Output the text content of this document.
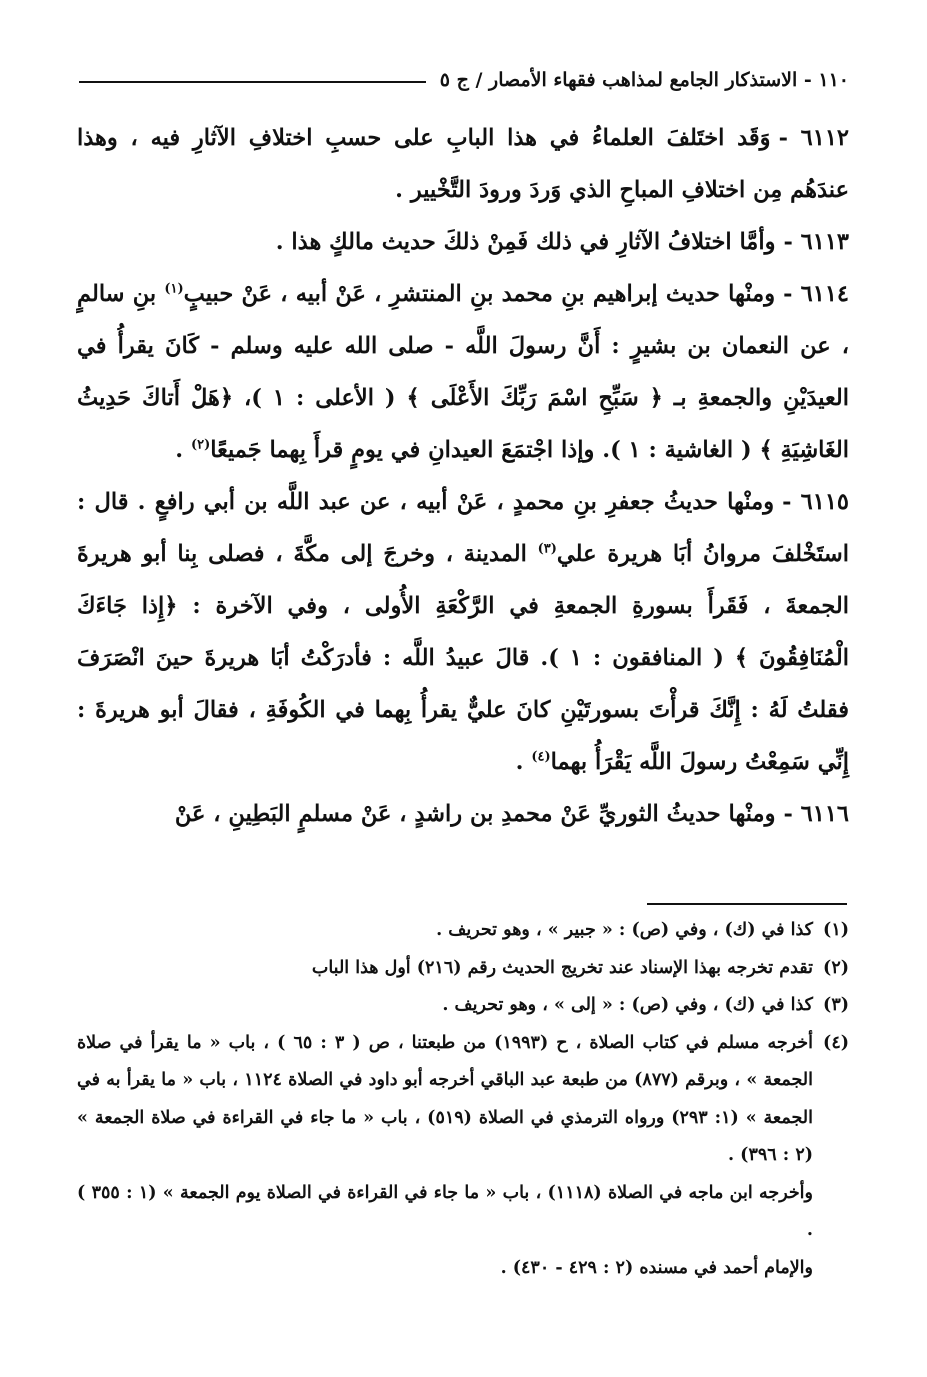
١١٠ - الاستذكار الجامع لمذاهب فقهاء الأمصار / ج ٥

٦١١٢ -وَقَد اختَلفَ العلماءُ في هذا البابِ على حسبِ اختلافِ الآثارِ فيه ، وهذا عندَهُم مِن اختلافِ المباحِ الذي وَردَ ورودَ التَّخْيير .

٦١١٣ -وأمَّا اختلافُ الآثارِ في ذلك فَمِنْ ذلكَ حديث مالكٍ هذا .

٦١١٤ -ومنْها حديث إبراهيم بنِ محمد بنِ المنتشرِ ، عَنْ أبيه ، عَنْ حبيبٍ$^{(١)}$ بنِ سالمٍ ، عن النعمان بن بشيرٍ : أَنَّ رسولَ اللَّه - صلى الله عليه وسلم - كَانَ يقرأُ في العيدَيْنِ والجمعةِ بـ ﴿ سَبِّحِ اسْمَ رَبِّكَ الأَعْلَى ﴾ ( الأعلى : ١ )، ﴿هَلْ أَتاكَ حَدِيثُ الغَاشِيَةِ ﴾ ( الغاشية : ١ ). وإذا اجْتمَعَ العيدانِ في يومٍ قرأَ بِهما جَميعًا$^{(٢)}$ .

٦١١٥ -ومنْها حديثُ جعفرِ بنِ محمدٍ ، عَنْ أبيه ، عن عبد اللَّه بن أبي رافعٍ . قال : استَخْلفَ مروانُ أبَا هريرة علي$^{(٣)}$ المدينة ، وخرجَ إلى مكَّةَ ، فصلى بِنا أبو هريرةَ الجمعةَ ، فَقَرأَ بسورةِ الجمعةِ في الرَّكْعَةِ الأُولى ، وفي الآخرة : ﴿إِذا جَاءَكَ الْمُنَافِقُونَ ﴾ ( المنافقون : ١ ). قالَ عبيدُ اللَّه : فأدرَكْتُ أبَا هريرةَ حينَ انْصَرَفَ فقلتُ لَهُ : إِنَّكَ قرأْتَ بسورتَيْنِ كانَ عليٌّ يقرأُ بِهما في الكُوفَةِ ، فقالَ أبو هريرةَ : إِنِّي سَمِعْتُ رسولَ اللَّه يَقْرَأُ بهما$^{(٤)}$ .

٦١١٦ -ومنْها حديثُ الثوريِّ عَنْ محمدِ بن راشدٍ ، عَنْ مسلمٍ البَطِينِ ، عَنْ

(١)كذا في (ك) ، وفي (ص) : « جبير » ، وهو تحريف .

(٢)تقدم تخرجه بهذا الإسناد عند تخريج الحديث رقم (٢١٦) أول هذا الباب

(٣)كذا في (ك) ، وفي (ص) : « إلى » ، وهو تحريف .

(٤)أخرجه مسلم في كتاب الصلاة ، ح (١٩٩٣) من طبعتنا ، ص ( ٣ : ٦٥ ) ، باب « ما يقرأ في صلاة الجمعة » ، وبرقم (٨٧٧) من طبعة عبد الباقي أخرجه أبو داود في الصلاة ١١٢٤ ، باب « ما يقرأ به في الجمعة » (١: ٢٩٣) ورواه الترمذي في الصلاة (٥١٩) ، باب « ما جاء في القراءة في صلاة الجمعة » (٢ : ٣٩٦) .

وأخرجه ابن ماجه في الصلاة (١١١٨) ، باب « ما جاء في القراءة في الصلاة يوم الجمعة » (١ : ٣٥٥ ) .

والإمام أحمد في مسنده (٢ : ٤٢٩ - ٤٣٠) .
